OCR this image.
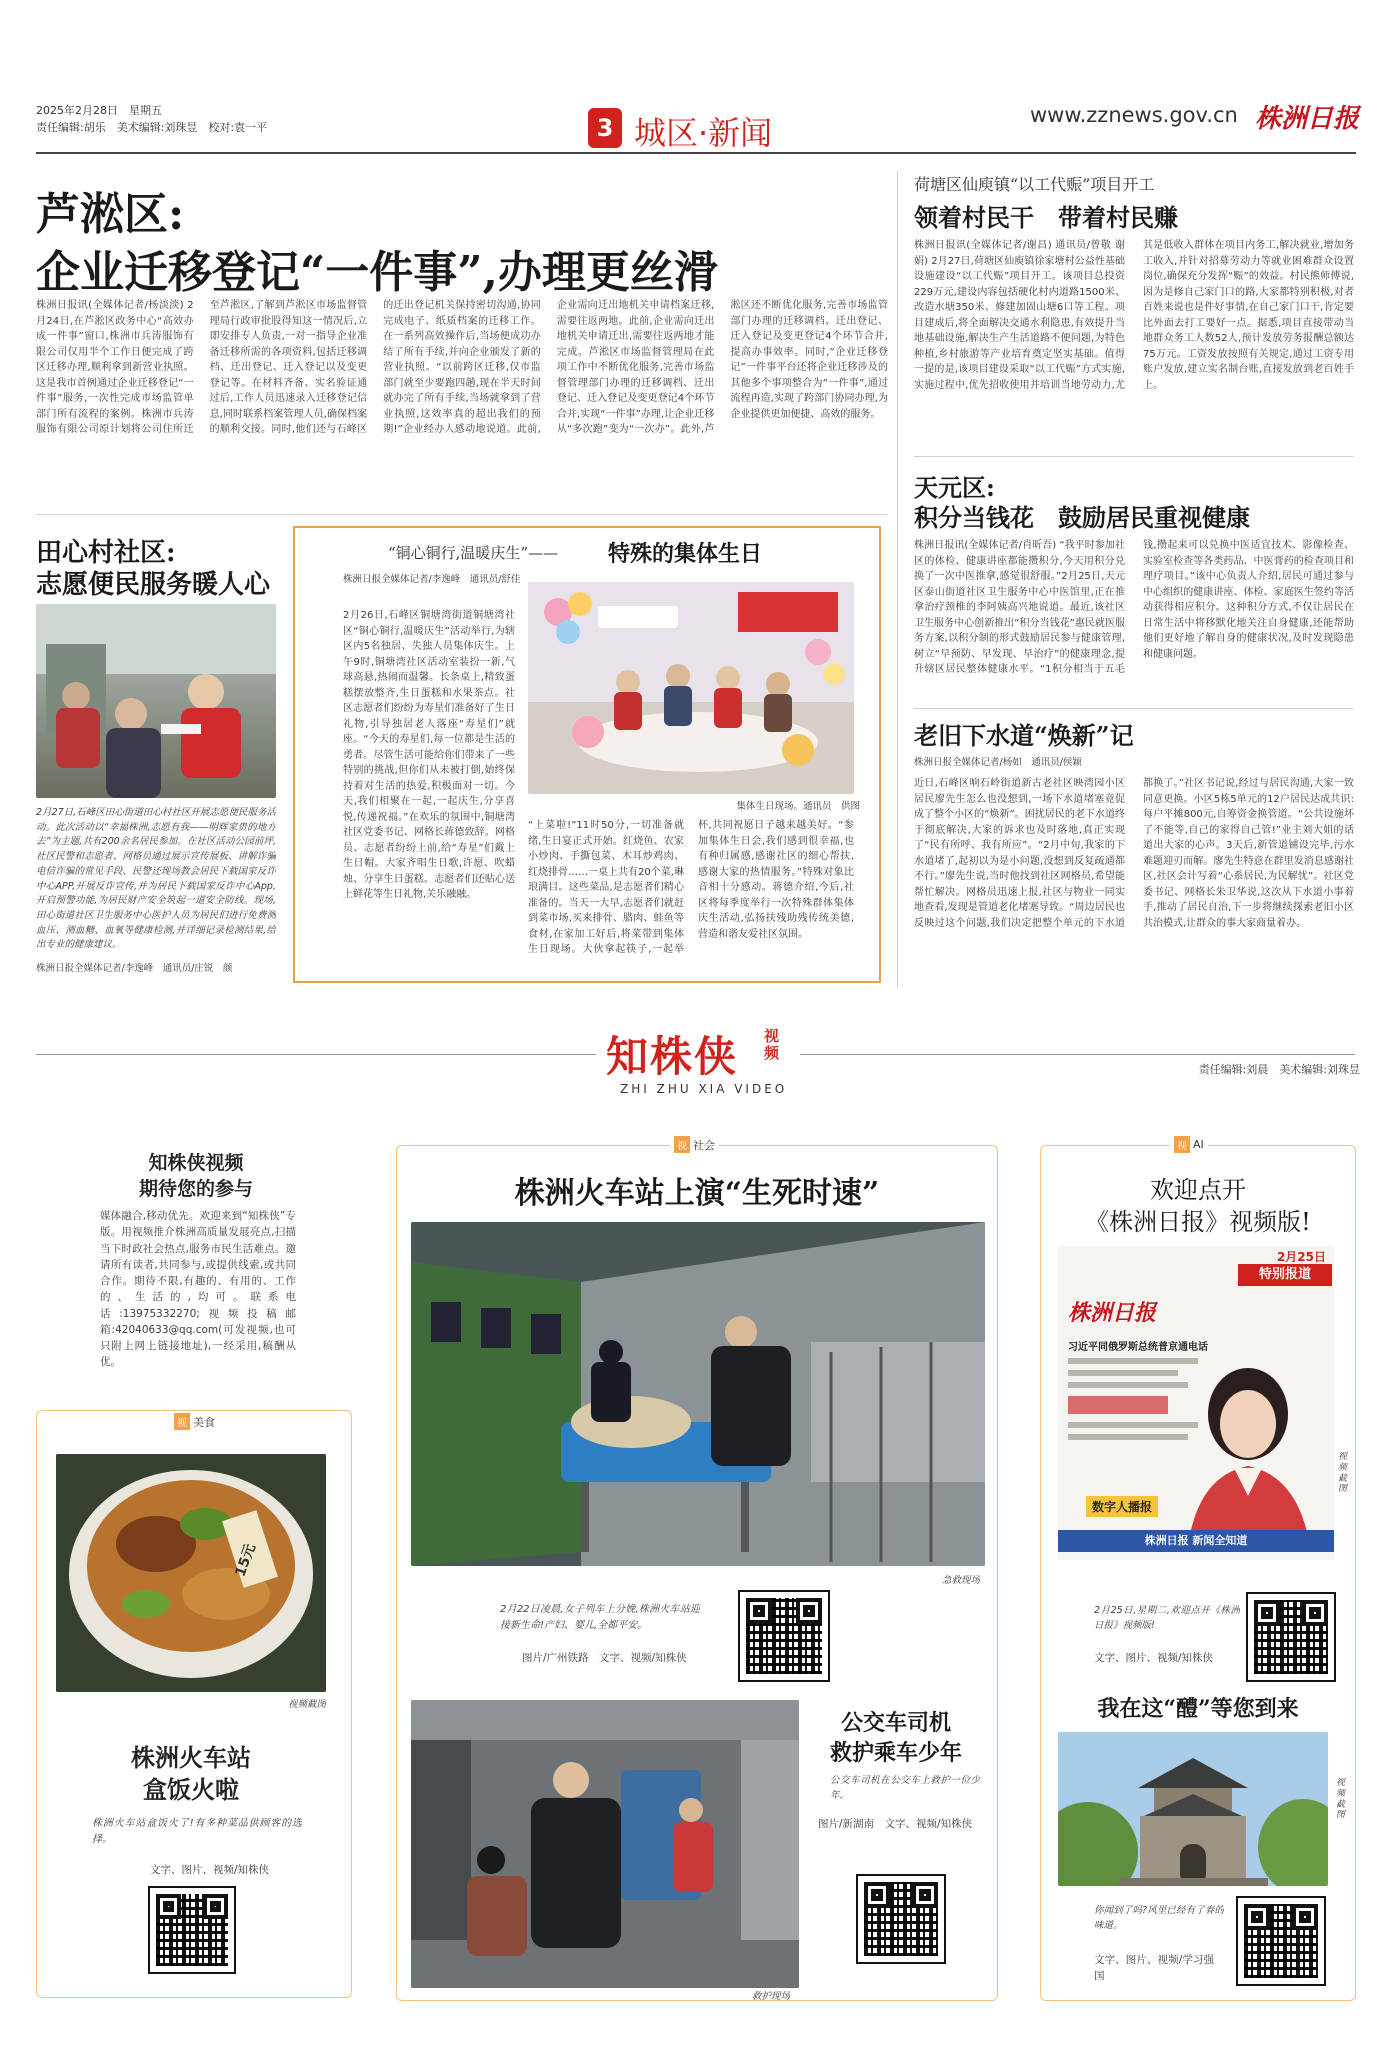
2025年2月28日　星期五
责任编辑:胡乐　美术编辑:刘珠昱　校对:袁一平	3 城区·新闻	www.zznews.gov.cn 株洲日报
芦淞区:
企业迁移登记“一件事”,办理更丝滑
株洲日报讯(全媒体记者/杨淡淡) 2月24日,在芦淞区政务中心“高效办成一件事”窗口,株洲市兵涛服饰有限公司仅用半个工作日便完成了跨区迁移办理,顺利拿到新营业执照。这是我市首例通过企业迁移登记“一件事”服务,一次性完成市场监管单部门所有流程的案例。株洲市兵涛服饰有限公司原计划将公司住所迁至芦淞区,了解到芦淞区市场监督管理局行政审批股得知这一情况后,立即安排专人负责,一对一指导企业准备迁移所需的各项资料,包括迁移调档、迁出登记、迁入登记以及变更登记等。在材料齐备、实名验证通过后,工作人员迅速录入迁移登记信息,同时联系档案管理人员,确保档案的顺利交接。同时,他们还与石峰区的迁出登记机关保持密切沟通,协同完成电子、纸质档案的迁移工作。在一系列高效操作后,当场便成功办结了所有手续,并向企业颁发了新的营业执照。“以前跨区迁移,仅市监部门就至少要跑四趟,现在半天时间就办完了所有手续,当场就拿到了营业执照,这效率真的超出我们的预期!”企业经办人感动地说道。此前,企业需向迁出地机关申请档案迁移,需要往返两地。此前,企业需向迁出地机关申请迁出,需要往返两地才能完成。芦淞区市场监督管理局在此项工作中不断优化服务,完善市场监督管理部门办理的迁移调档、迁出登记、迁入登记及变更登记4个环节合并,实现“一件事”办理,让企业迁移从“多次跑”变为“一次办”。此外,芦淞区还不断优化服务,完善市场监管部门办理的迁移调档、迁出登记、迁入登记及变更登记4个环节合并,提高办事效率。同时,“企业迁移登记”一件事平台还将企业迁移涉及的其他多个事项整合为“一件事”,通过流程再造,实现了跨部门协同办理,为企业提供更加便捷、高效的服务。
田心村社区:
志愿便民服务暖人心
2月27日,石峰区田心街道田心村社区开展志愿便民服务活动。此次活动以“幸福株洲,志愿有我——明辉家贵的地方去”为主题,共有200余名居民参加。在社区活动公园前坪,社区民警和志愿者、网格员通过展示宣传展板、讲解诈骗电信诈骗的常见手段、民警还现场教会居民下载国家反诈中心APP,开展反诈宣传,并为居民下载国家反诈中心App,开启预警功能,为居民财产安全筑起一道安全防线。现场,田心街道社区卫生服务中心医护人员为居民们进行免费测血压、测血糖、血氧等健康检测,并详细记录检测结果,给出专业的健康建议。
株洲日报全媒体记者/李逸峰　通讯员/庄锐　颜
“铜心铜行,温暖庆生”—— 特殊的集体生日
株洲日报全媒体记者/李逸峰　通讯员/舒佳
集体生日现场。通讯员　供图
2月26日,石峰区铜塘湾街道铜塘湾社区“铜心铜行,温暖庆生”活动举行,为辖区内5名独居、失独人员集体庆生。上午9时,铜塘湾社区活动室装扮一新,气球高悬,热闹而温馨。长条桌上,精致蛋糕摆放整齐,生日蛋糕和水果茶点。社区志愿者们纷纷为寿星们准备好了生日礼物,引导独居老人落座“寿星们”就座。“今天的寿星们,每一位都是生活的勇者。尽管生活可能给你们带来了一些特别的挑战,但你们从未被打倒,始终保持着对生活的热爱,积极面对一切。今天,我们相聚在一起,一起庆生,分享喜悦,传递祝福。”在欢乐的氛围中,铜塘湾社区党委书记、网格长蒋德致辞。网格员、志愿者纷纷上前,给“寿星”们戴上生日帽。大家齐唱生日歌,许愿、吹蜡烛、分享生日蛋糕。志愿者们还贴心送上鲜花等生日礼物,关乐融融。
“上菜啦!”11时50分,一切准备就绪,生日宴正式开始。红烧鱼、农家小炒肉、手撕包菜、木耳炒鸡肉、红烧排骨……一桌上共有20个菜,琳琅满目。这些菜品,是志愿者们精心准备的。当天一大早,志愿者们就赶到菜市场,买来排骨、腊肉、蛙鱼等食材,在家加工好后,将菜带到集体生日现场。大伙拿起筷子,一起举杯,共同祝愿日子越来越美好。“参加集体生日会,我们感到很幸福,也有种归属感,感谢社区的细心帮扶,感谢大家的热情服务。”特殊对象比音相十分感动。蒋德介绍,今后,社区将每季度举行一次特殊群体集体庆生活动,弘扬扶残助残传统美德,营造和谐友爱社区氛围。
荷塘区仙庾镇“以工代赈”项目开工
领着村民干　带着村民赚
株洲日报讯(全媒体记者/谢昌) 通讯员/曾敬 谢娟) 2月27日,荷塘区仙庾镇徐家塘村公益性基础设施建设“以工代赈”项目开工。该项目总投资229万元,建设内容包括硬化村内道路1500米、改造水塘350米、修建加固山塘6口等工程。项目建成后,将全面解决交通水利隐患,有效提升当地基础设施,解决生产生活道路不便问题,为特色种植,乡村旅游等产业培育奠定坚实基础。值得一提的是,该项目建设采取“以工代赈”方式实施,实施过程中,优先招收使用并培训当地劳动力,尤其是低收入群体在项目内务工,解决就业,增加务工收入,并针对招募劳动力等就业困难群众设置岗位,确保充分发挥“赈”的效益。村民熊师傅说,因为是修自己家门口的路,大家都特别积极,对者百姓来说也是件好事情,在自己家门口干,肯定要比外面去打工要好一点。据悉,项目直接带动当地群众务工人数52人,预计发放劳务报酬总额达75万元。工资发放按照有关规定,通过工资专用账户发放,建立实名制台账,直接发放到老百姓手上。
天元区:
积分当钱花　鼓励居民重视健康
株洲日报讯(全媒体记者/肖昕吾) “我平时参加社区的体检、健康讲座都能攒积分,今天用积分兑换了一次中医推拿,感觉很舒服。”2月25日,天元区泰山街道社区卫生服务中心中医馆里,正在推拿治疗颈椎的李阿姨高兴地说道。最近,该社区卫生服务中心创新推出“积分当钱花”惠民就医服务方案,以积分制的形式鼓励居民参与健康管理,树立“早预防、早发现、早治疗”的健康理念,提升辖区居民整体健康水平。“1积分相当于五毛钱,攒起来可以兑换中医适宜技术、影像检查、实验室检查等各类药品、中医膏药的检查项目和理疗项目。”该中心负责人介绍,居民可通过参与中心组织的健康讲座、体检、家庭医生签约等活动获得相应积分。这种积分方式,不仅让居民在日常生活中将移默化地关注自身健康,还能帮助他们更好地了解自身的健康状况,及时发现隐患和健康问题。
老旧下水道“焕新”记
株洲日报全媒体记者/杨如　通讯员/侯颖
近日,石峰区响石岭街道新古老社区映湾园小区居民廖先生怎么也没想到,一场下水道堵塞竟促成了整个小区的“焕新”。困扰居民的老下水道终于彻底解决,大家的诉求也及时落地,真正实现了“民有所呼、我有所应”。“2月中旬,我家的下水道堵了,起初以为是小问题,没想到反复疏通都不行。”廖先生说,当时他找到社区网格员,希望能帮忙解决。网格员迅速上报,社区与物业一同实地查看,发现是管道老化堵塞导致。“周边居民也反映过这个问题,我们决定把整个单元的下水道都换了。”社区书记说,经过与居民沟通,大家一致同意更换。小区5栋5单元的12户居民达成共识:每户平摊800元,自筹资金换管道。“公共设施坏了不能等,自己的家得自己管!”业主刘大姐的话道出大家的心声。3天后,新管道铺设完毕,污水难题迎刃而解。廖先生特意在群里发消息感谢社区,社区会计写着“心系居民,为民解忧”。社区党委书记、网格长朱卫华说,这次从下水道小事着手,推动了居民自治,下一步将继续探索老旧小区共治模式,让群众的事大家商量着办。
知株侠 视频
ZHI ZHU XIA VIDEO
责任编辑:刘晨　美术编辑:刘珠昱
知株侠视频
期待您的参与
媒体融合,移动优先。欢迎来到“知株侠”专版。用视频推介株洲高质量发展亮点,扫描当下时政社会热点,服务市民生活难点。邀请所有读者,共同参与,或提供线索,或共同合作。期待不限,有趣的、有用的、工作的、生活的,均可。联系电话:13975332270;视频投稿邮箱:42040633@qq.com(可发视频,也可只附上网上链接地址),一经采用,稿酬从优。
视 美食
15元
视频截图
株洲火车站
盒饭火啦
株洲火车站盒饭火了!有多种菜品供顾客的选择。
文字、图片、视频/知株侠
视 社会
株洲火车站上演“生死时速”
急救现场
2月22日凌晨,女子列车上分娩,株洲火车站迎接新生命!产妇、婴儿,全都平安。
图片/广州铁路　文字、视频/知株侠
救护现场
公交车司机
救护乘车少年
公交车司机在公交车上救护一位少年。
图片/新湖南　文字、视频/知株侠
视 AI
欢迎点开
《株洲日报》视频版!
2月25日
特别报道
株洲日报
习近平同俄罗斯总统普京通电话
数字人播报
株洲日报 新闻全知道
视频截图
2月25日,星期二,欢迎点开《株洲日报》视频版!
文字、图片、视频/知株侠
我在这“醴”等您到来
视频截图
你闻到了吗?风里已经有了春的味道。
文字、图片、视频/学习强国
